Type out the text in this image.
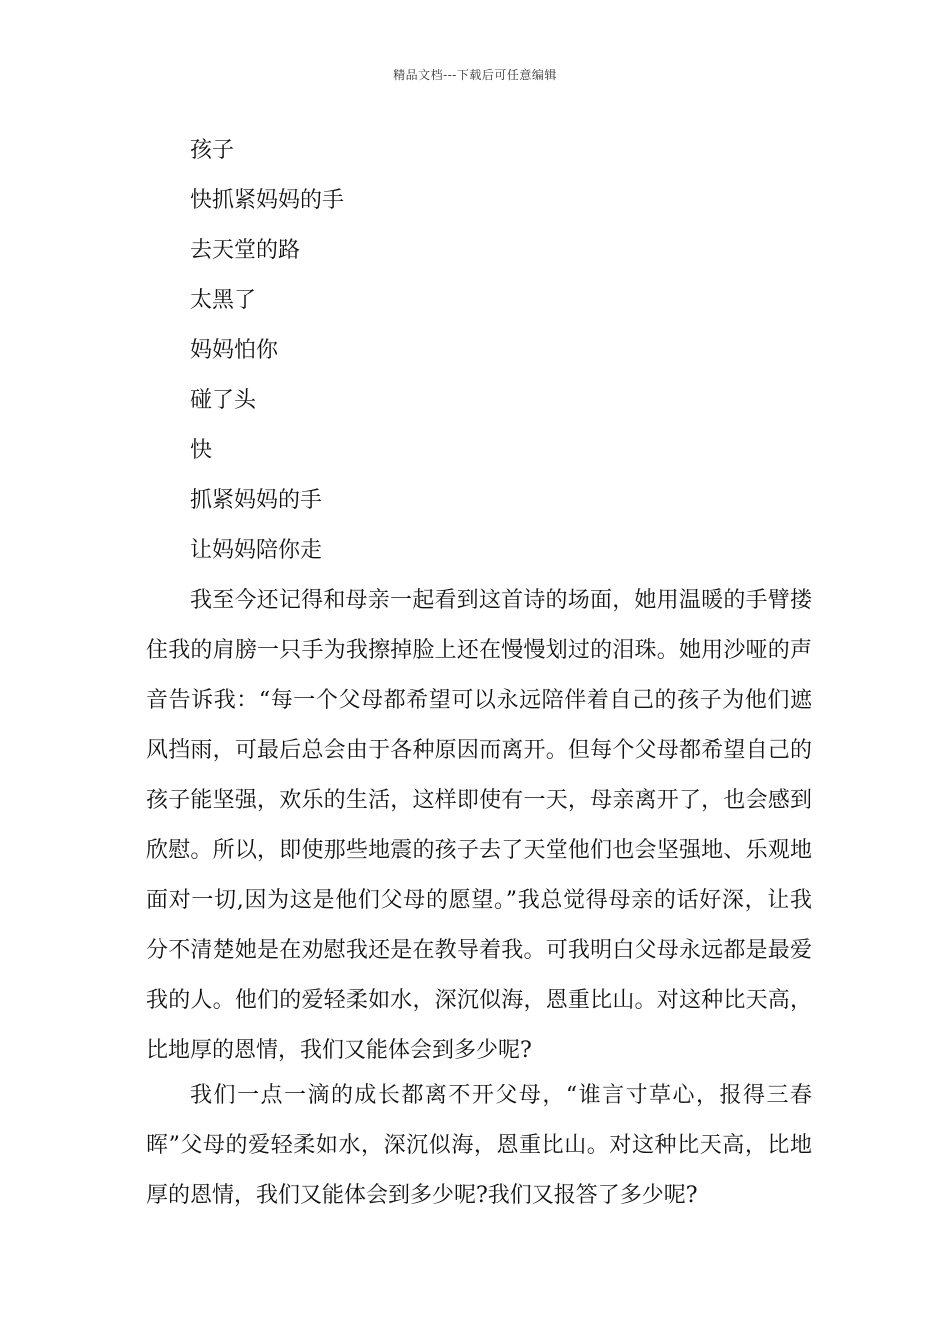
精品文档---下载后可任意编辑
孩子
快抓紧妈妈的手
去天堂的路
太黑了
妈妈怕你
碰了头
快
抓紧妈妈的手
让妈妈陪你走

我至今还记得和母亲一起看到这首诗的场面，她用温暖的手臂搂住我的肩膀一只手为我擦掉脸上还在慢慢划过的泪珠。她用沙哑的声音告诉我：“每一个父母都希望可以永远陪伴着自己的孩子为他们遮风挡雨，可最后总会由于各种原因而离开。但每个父母都希望自己的孩子能坚强，欢乐的生活，这样即使有一天，母亲离开了，也会感到欣慰。所以，即使那些地震的孩子去了天堂他们也会坚强地、乐观地面对一切,因为这是他们父母的愿望。”我总觉得母亲的话好深，让我分不清楚她是在劝慰我还是在教导着我。可我明白父母永远都是最爱我的人。他们的爱轻柔如水，深沉似海，恩重比山。对这种比天高，比地厚的恩情，我们又能体会到多少呢?

我们一点一滴的成长都离不开父母，“谁言寸草心，报得三春晖”父母的爱轻柔如水，深沉似海，恩重比山。对这种比天高，比地厚的恩情，我们又能体会到多少呢?我们又报答了多少呢?
